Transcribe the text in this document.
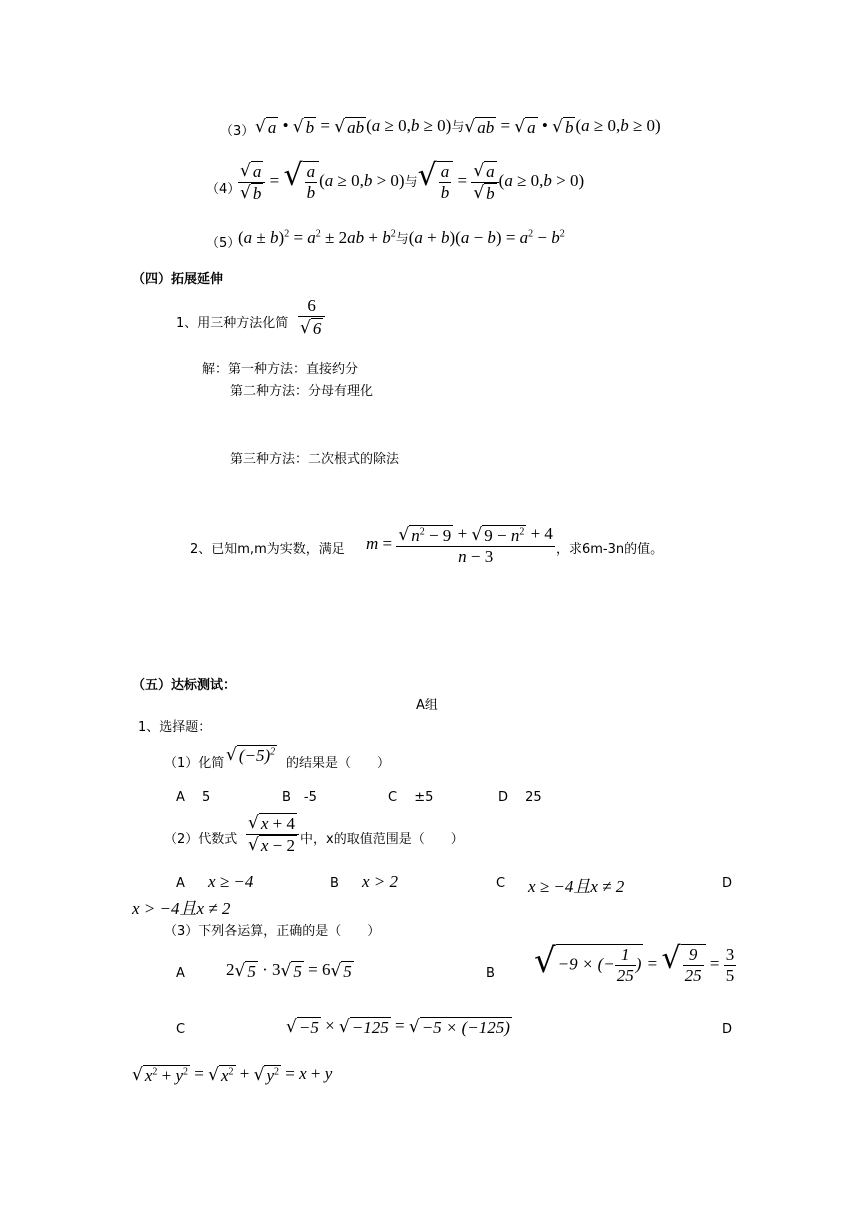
（3） √ a • √ b = √ ab (a ≥ 0,b ≥ 0)与 √ ab = √ a • √ b (a ≥ 0,b ≥ 0)
（4）
$\frac{√ a}{√ b}$ = √ $\frac{a}{b} (a \ge 0,b > 0)$与 √ $\frac{a}{b} = \frac{√ a}{√ b} (a \ge 0,b > 0)$
（5）
$(a \pm b)^2 = a^2 \pm 2ab + b^2$与$(a + b)(a - b) = a^2 - b^2$
（四）拓展延伸
1、用三种方法化简 $\frac{6}{√ 6}$
解：第一种方法：直接约分
第二种方法：分母有理化
第三种方法：二次根式的除法
2、已知m,m为实数，满足 $m = \frac{√ n^2 - 9 + √ 9 - n^2 + 4}{n - 3}$ ，求6m-3n的值。
（五）达标测试：
A组
1、选择题：
（1）化简 √ $(-5)^2$
的结果是（　　）
A　 5	B　-5	C　 ±5	D　 25
（2）代数式 $\frac{√ x + 4}{√ x - 2}$ 中，x的取值范围是（　　）
A x ≥ −4	B x > 2	C x ≥ −4且x ≠ 2	D
x > −4且x ≠ 2
（3）下列各运算，正确的是（　　）
A 2 √ 5 · 3 √ 5 = 6 √ 5	B √ −9 × (− $\frac{1}{25}$ ) = √ $\frac{9}{25} = \frac{3}{5}$
C	√ −5 × √ −125 = √ −5 × (−125)	D
√ $x^2 + y^2$ = √ $x^2$ + √ $y^2 = x + y$
